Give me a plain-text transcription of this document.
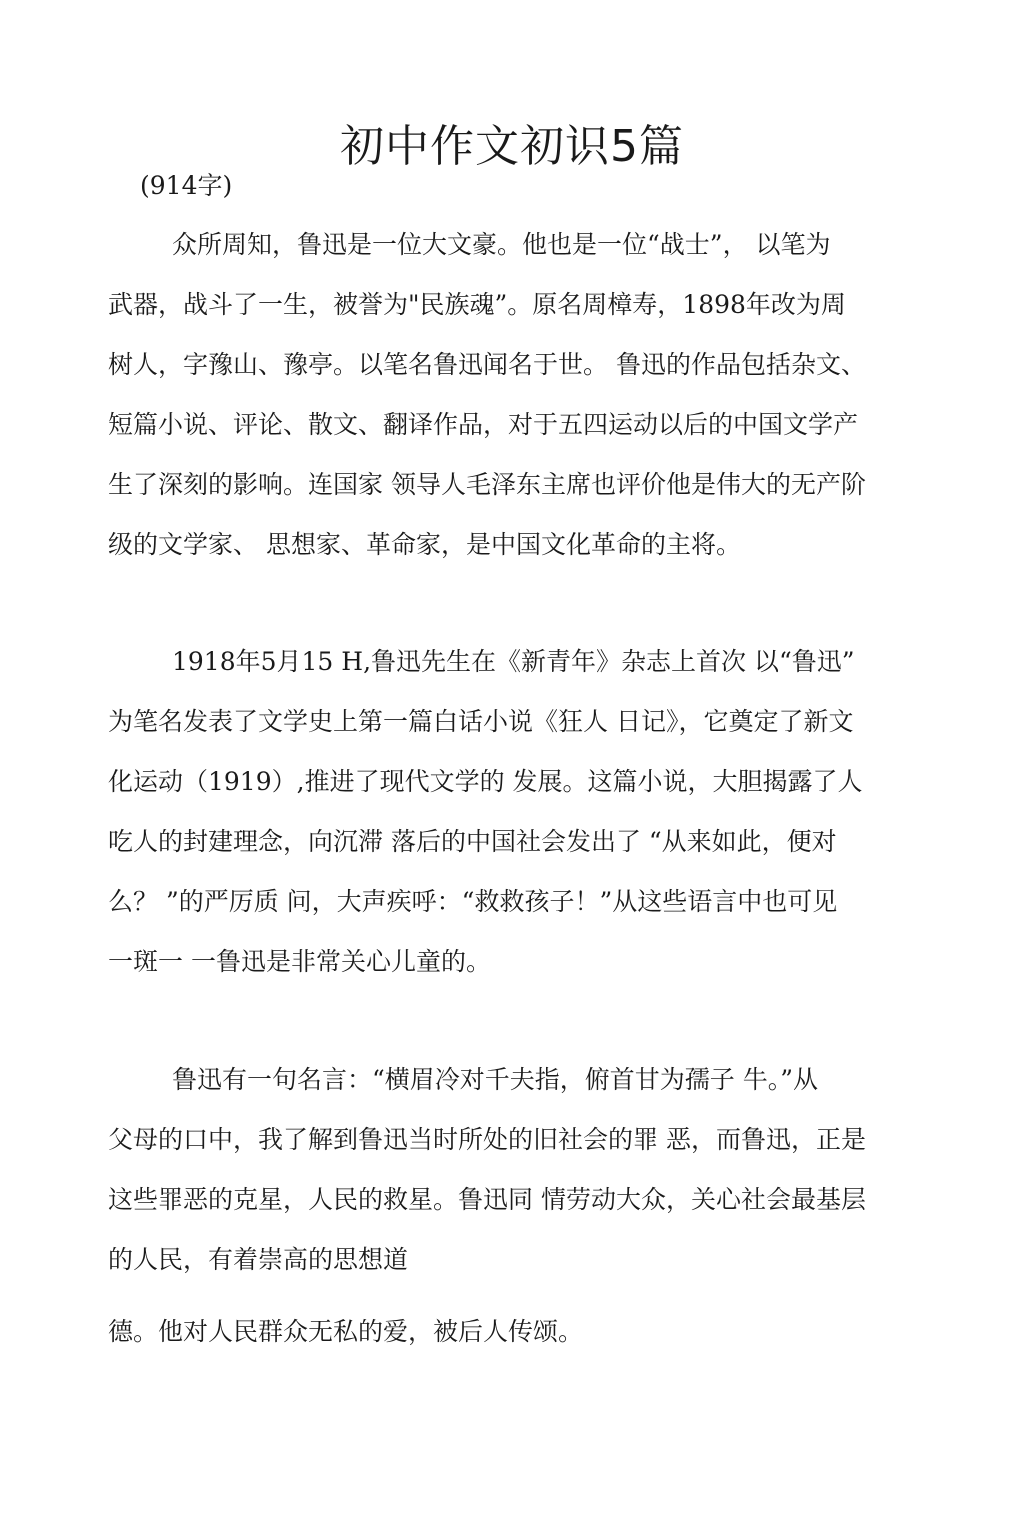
初中作文初识5篇
(914字)
众所周知，鲁迅是一位大文豪。他也是一位“战士”， 以笔为
武器，战斗了一生，被誉为"民族魂”。原名周樟寿，1898年改为周
树人，字豫山、豫亭。以笔名鲁迅闻名于世。 鲁迅的作品包括杂文、
短篇小说、评论、散文、翻译作品，对于五四运动以后的中国文学产
生了深刻的影响。连国家 领导人毛泽东主席也评价他是伟大的无产阶
级的文学家、 思想家、革命家，是中国文化革命的主将。
1918年5月15 H,鲁迅先生在《新青年》杂志上首次 以“鲁迅”
为笔名发表了文学史上第一篇白话小说《狂人 日记》，它奠定了新文
化运动（1919）,推进了现代文学的 发展。这篇小说，大胆揭露了人
吃人的封建理念，向沉滞 落后的中国社会发出了 “从来如此，便对
么？ ”的严厉质 问，大声疾呼：“救救孩子！”从这些语言中也可见
一斑一 一鲁迅是非常关心儿童的。
鲁迅有一句名言：“横眉冷对千夫指，俯首甘为孺子 牛。”从
父母的口中，我了解到鲁迅当时所处的旧社会的罪 恶，而鲁迅，正是
这些罪恶的克星，人民的救星。鲁迅同 情劳动大众，关心社会最基层
的人民，有着崇高的思想道
德。他对人民群众无私的爱，被后人传颂。
